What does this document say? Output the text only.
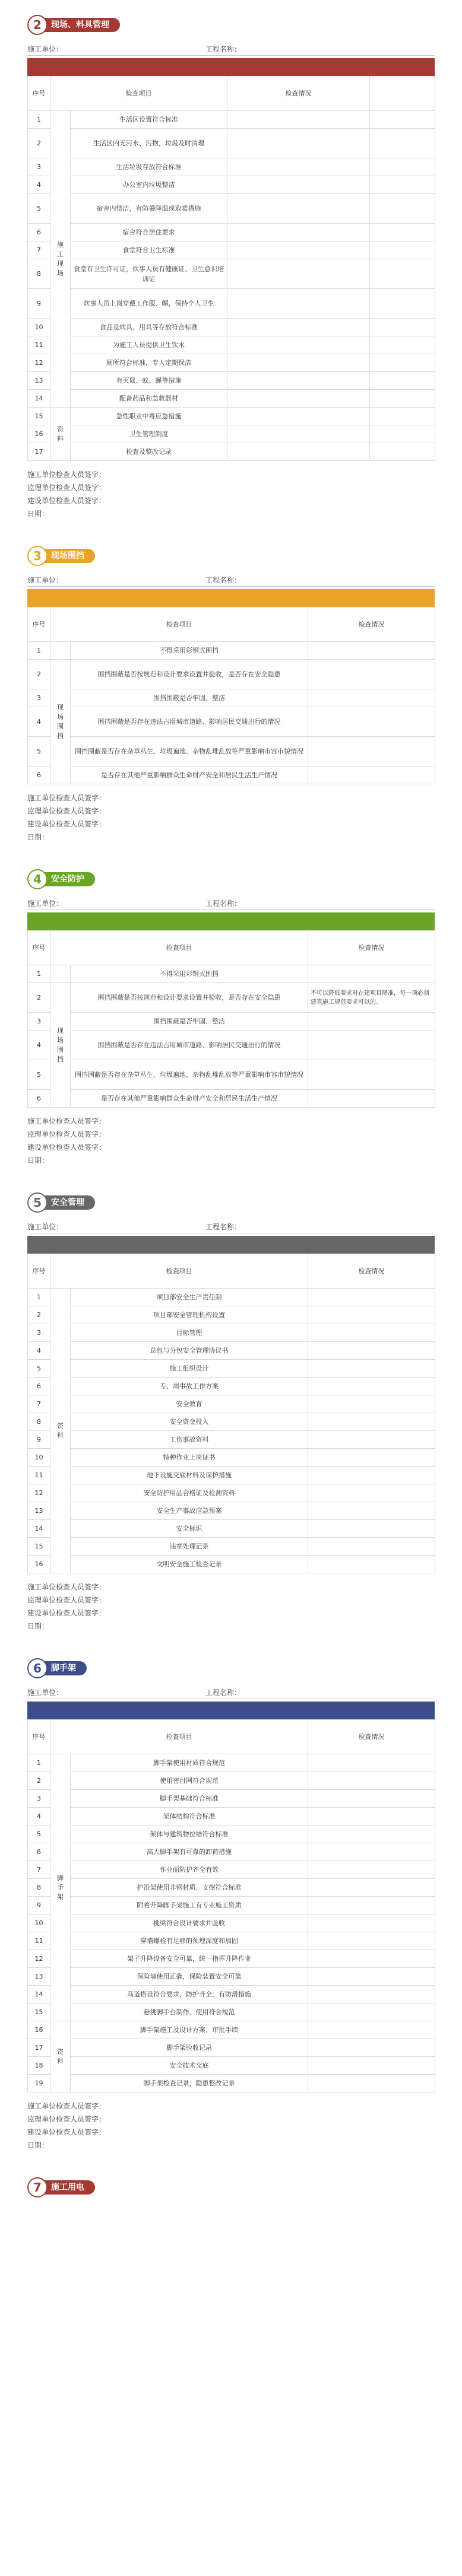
2	现场、料具管理
施工单位：	工程名称：
序号	检查项目		检查情况	
1	施工现场	生活区设置符合标准		
2		生活区内无污水、污物，垃圾及时清理		
3		生活垃圾存放符合标准		
4		办公室内垃圾整洁		
5		宿舍内整洁，有防暑降温或取暖措施		
6		宿舍符合居住要求		
7		食堂符合卫生标准		
8		食堂有卫生许可证，炊事人员有健康证、卫生意识培训证		
9		炊事人员上岗穿戴工作服、帽，保持个人卫生		
10		食品及炊具、用具等存放符合标准		
11		为施工人员提供卫生饮水		
12		厕所符合标准，专人定期保洁		
13		有灭鼠、蚊、蝇等措施		
14		配备药品和急救器材		
15	资料	急性职业中毒应急措施		
16		卫生管理制度		
17		检查及整改记录		
施工单位检查人员签字：
监理单位检查人员签字：
建设单位检查人员签字：
日期：
3	现场围挡
施工单位：	工程名称：
序号	检查项目		检查情况
1		不得采用彩钢式围挡	
2	现场围挡	围挡围蔽是否按规范和设计要求设置并验收，是否存在安全隐患	
3		围挡围蔽是否牢固、整洁	
4		围挡围蔽是否存在违法占用城市道路、影响居民交通出行的情况	
5		围挡围蔽是否存在杂草丛生、垃圾遍地、杂物乱堆乱放等严重影响市容市貌情况	
6		是否存在其他严重影响群众生命财产安全和居民生活生产情况	
施工单位检查人员签字：
监理单位检查人员签字：
建设单位检查人员签字：
日期：
4	安全防护
施工单位：	工程名称：
序号	检查项目		检查情况
1		不得采用彩钢式围挡	
2	现场围挡	围挡围蔽是否按规范和设计要求设置并验收，是否存在安全隐患	不可以降低要求对在建项目降准，每一项必须建筑施工规范要求可以的。
3		围挡围蔽是否牢固、整洁	
4		围挡围蔽是否存在违法占用城市道路、影响居民交通出行的情况	
5		围挡围蔽是否存在杂草丛生、垃圾遍地、杂物乱堆乱放等严重影响市容市貌情况	
6		是否存在其他严重影响群众生命财产安全和居民生活生产情况	
施工单位检查人员签字：
监理单位检查人员签字：
建设单位检查人员签字：
日期：
5	安全管理
施工单位：	工程名称：
序号	检查项目		检查情况
1	资料	项目部安全生产责任制	
2		项目部安全管理机构设置	
3		目标管理	
4		总包与分包安全管理协议书	
5		施工组织设计	
6		专、周事故工作方案	
7		安全教育	
8		安全资金投入	
9		工伤事故资料	
10		特种作业上岗证书	
11		地下设施交底材料及保护措施	
12		安全防护用品合格证及检测资料	
13		安全生产事故应急预案	
14		安全标识	
15		违章处理记录	
16		文明安全施工检查记录	
施工单位检查人员签字：
监理单位检查人员签字：
建设单位检查人员签字：
日期：
6	脚手架
施工单位：	工程名称：
序号	检查项目		检查情况
1	脚手架	脚手架使用材质符合规范	
2		使用密目网符合规范	
3		脚手架基础符合标准	
4		架体结构符合标准	
5		架体与建筑物拉结符合标准	
6		高大脚手架有可靠的卸荷措施	
7		作业面防护齐全有效	
8		护沿架使用非钢材质，支撑符合标准	
9		附着升降脚手架施工有专业施工资质	
10		挑梁符合设计要求并验收	
11		穿墙螺栓有足够的预埋深度和加固	
12		架子升降设备安全可靠，统一指挥升降作业	
13		保险墙使用正确，保险装置安全可靠	
14		马道搭设符合要求，防护齐全，有防滑措施	
15		悬挑脚手台制作、使用符合规范	
16	资料	脚手架施工及设计方案、审批手续	
17		脚手架验收记录	
18		安全技术交底	
19		脚手架检查记录，隐患整改记录	
施工单位检查人员签字：
监理单位检查人员签字：
建设单位检查人员签字：
日期：
7	施工用电
